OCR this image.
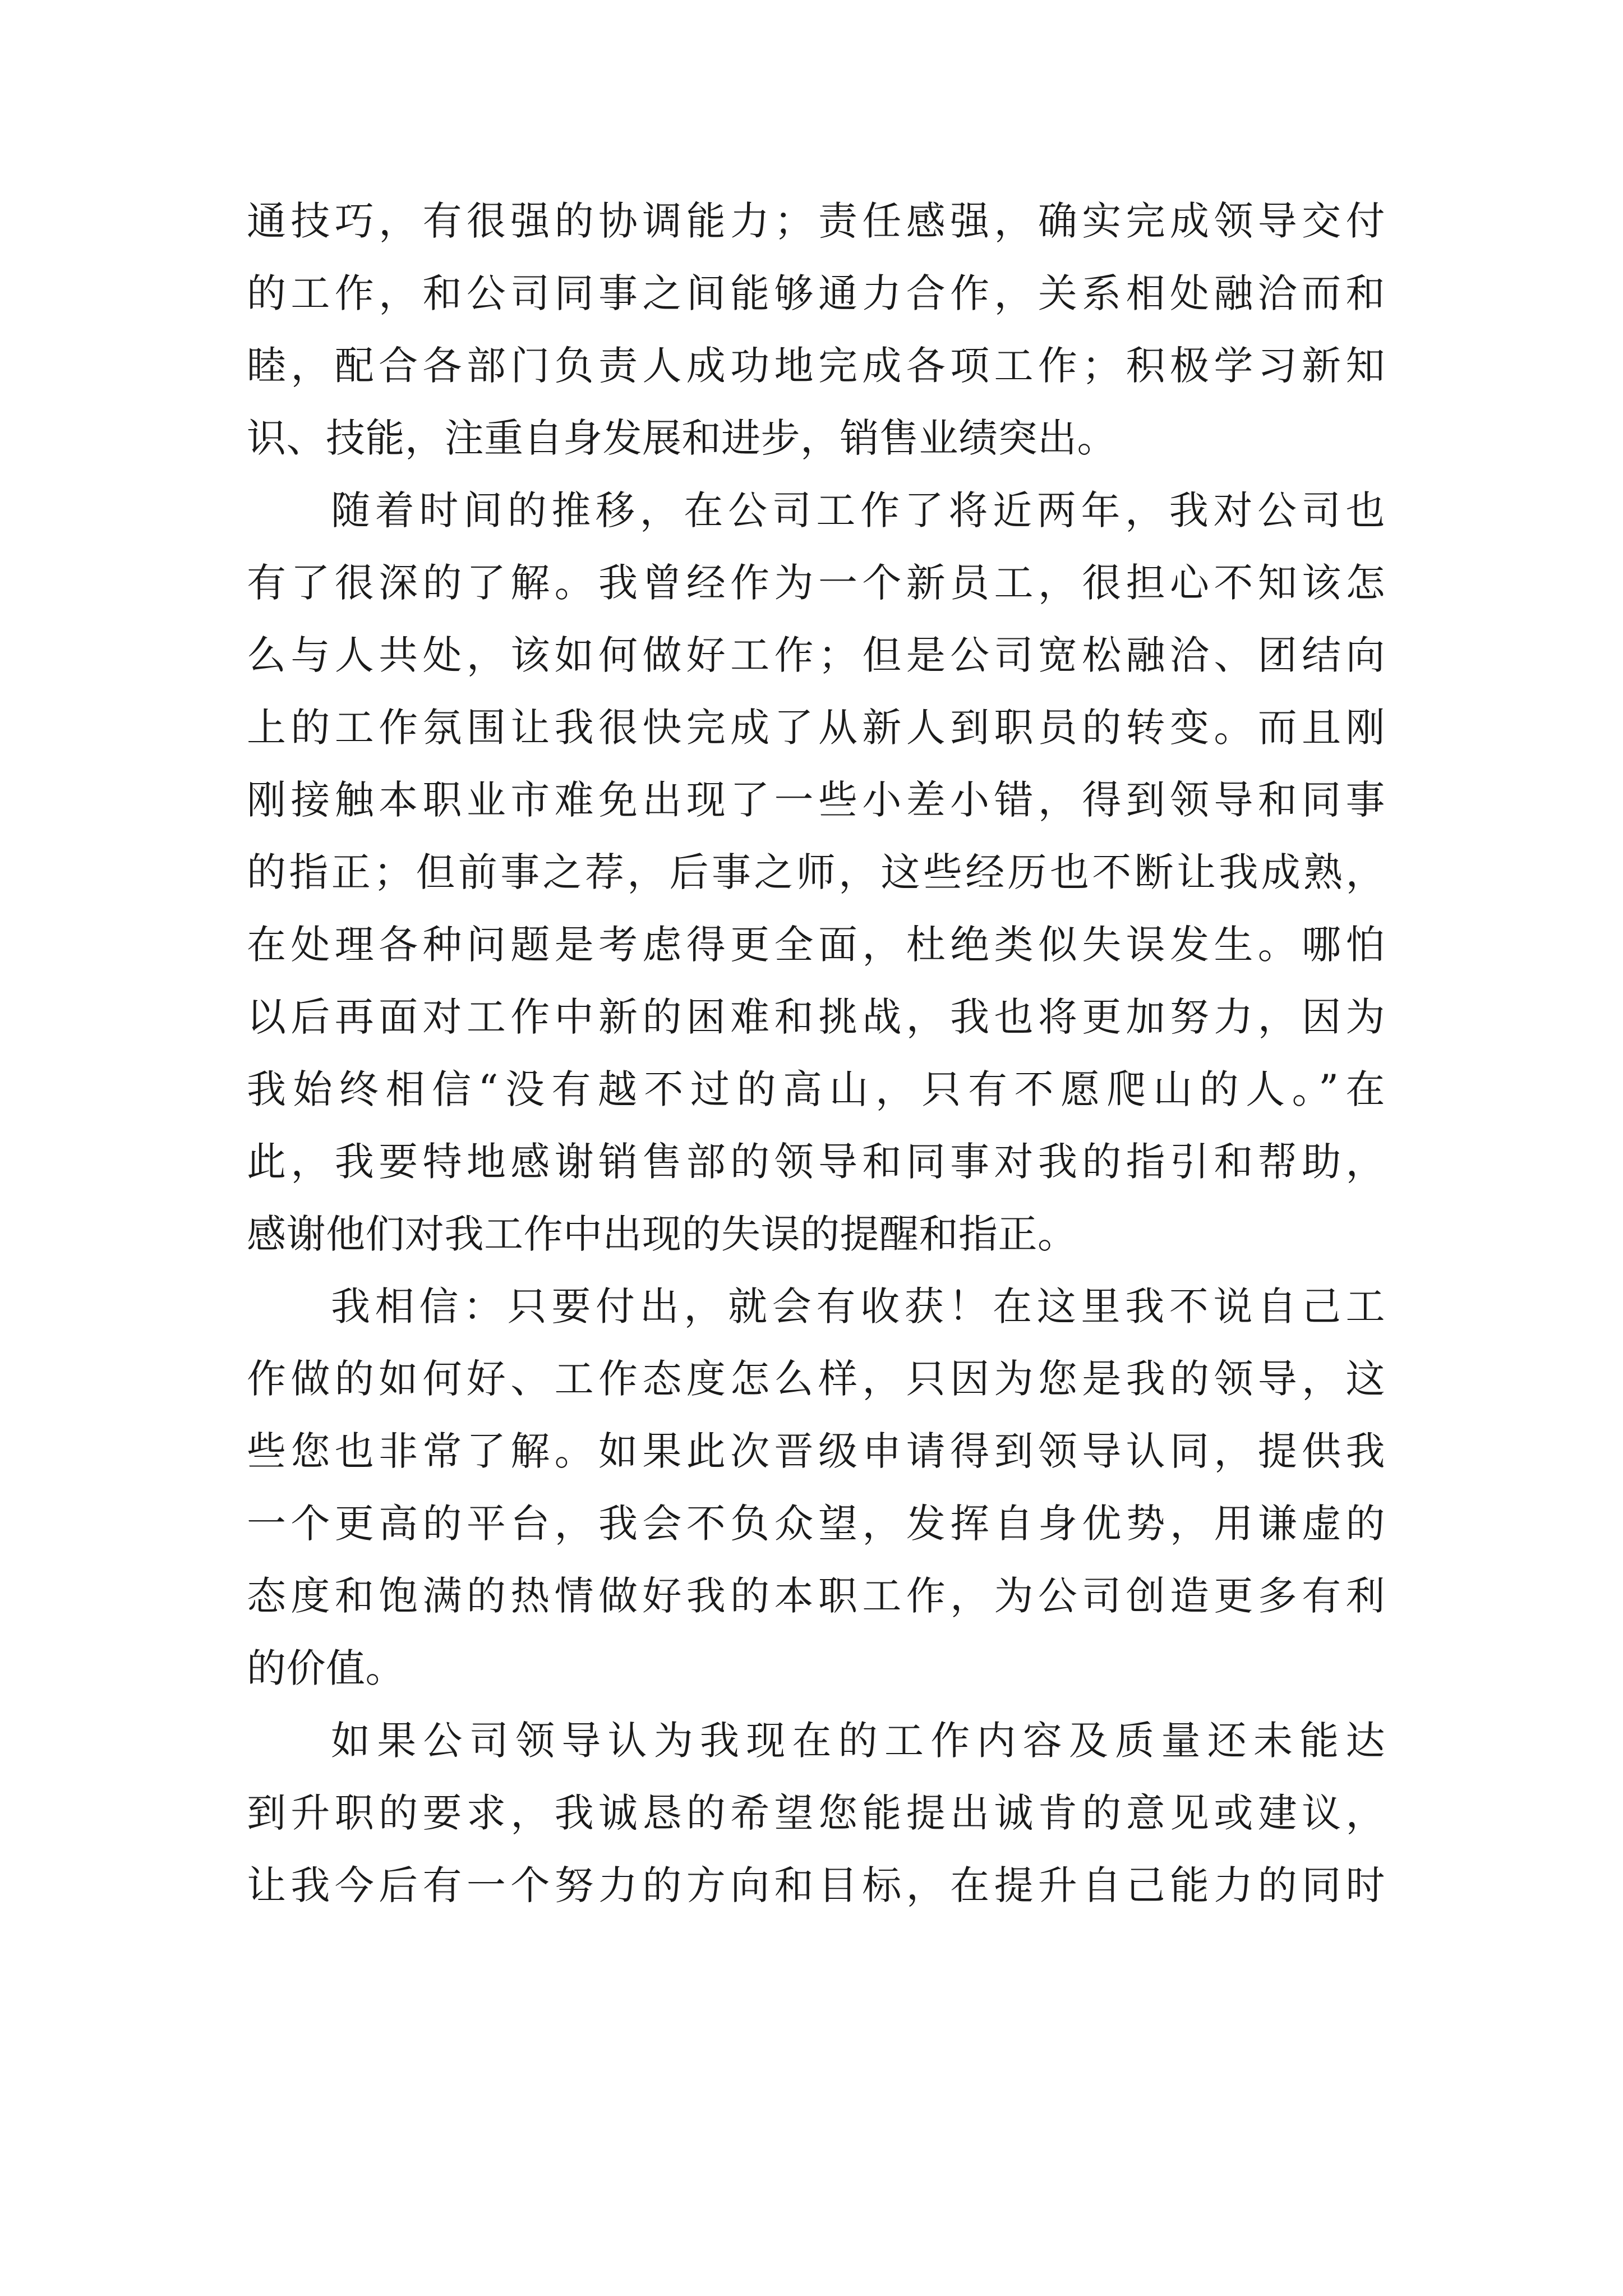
通技巧，有很强的协调能力；责任感强，确实完成领导交付
的工作，和公司同事之间能够通力合作，关系相处融洽而和
睦，配合各部门负责人成功地完成各项工作；积极学习新知
识、技能，注重自身发展和进步，销售业绩突出。
随着时间的推移，在公司工作了将近两年，我对公司也
有了很深的了解。我曾经作为一个新员工，很担心不知该怎
么与人共处，该如何做好工作；但是公司宽松融洽、团结向
上的工作氛围让我很快完成了从新人到职员的转变。而且刚
刚接触本职业市难免出现了一些小差小错，得到领导和同事
的指正；但前事之荐，后事之师，这些经历也不断让我成熟，
在处理各种问题是考虑得更全面，杜绝类似失误发生。哪怕
以后再面对工作中新的困难和挑战，我也将更加努力，因为
我始终相信“没有越不过的高山，只有不愿爬山的人。”在
此，我要特地感谢销售部的领导和同事对我的指引和帮助，
感谢他们对我工作中出现的失误的提醒和指正。
我相信：只要付出，就会有收获！在这里我不说自己工
作做的如何好、工作态度怎么样，只因为您是我的领导，这
些您也非常了解。如果此次晋级申请得到领导认同，提供我
一个更高的平台，我会不负众望，发挥自身优势，用谦虚的
态度和饱满的热情做好我的本职工作，为公司创造更多有利
的价值。
如果公司领导认为我现在的工作内容及质量还未能达
到升职的要求，我诚恳的希望您能提出诚肯的意见或建议，
让我今后有一个努力的方向和目标，在提升自己能力的同时
